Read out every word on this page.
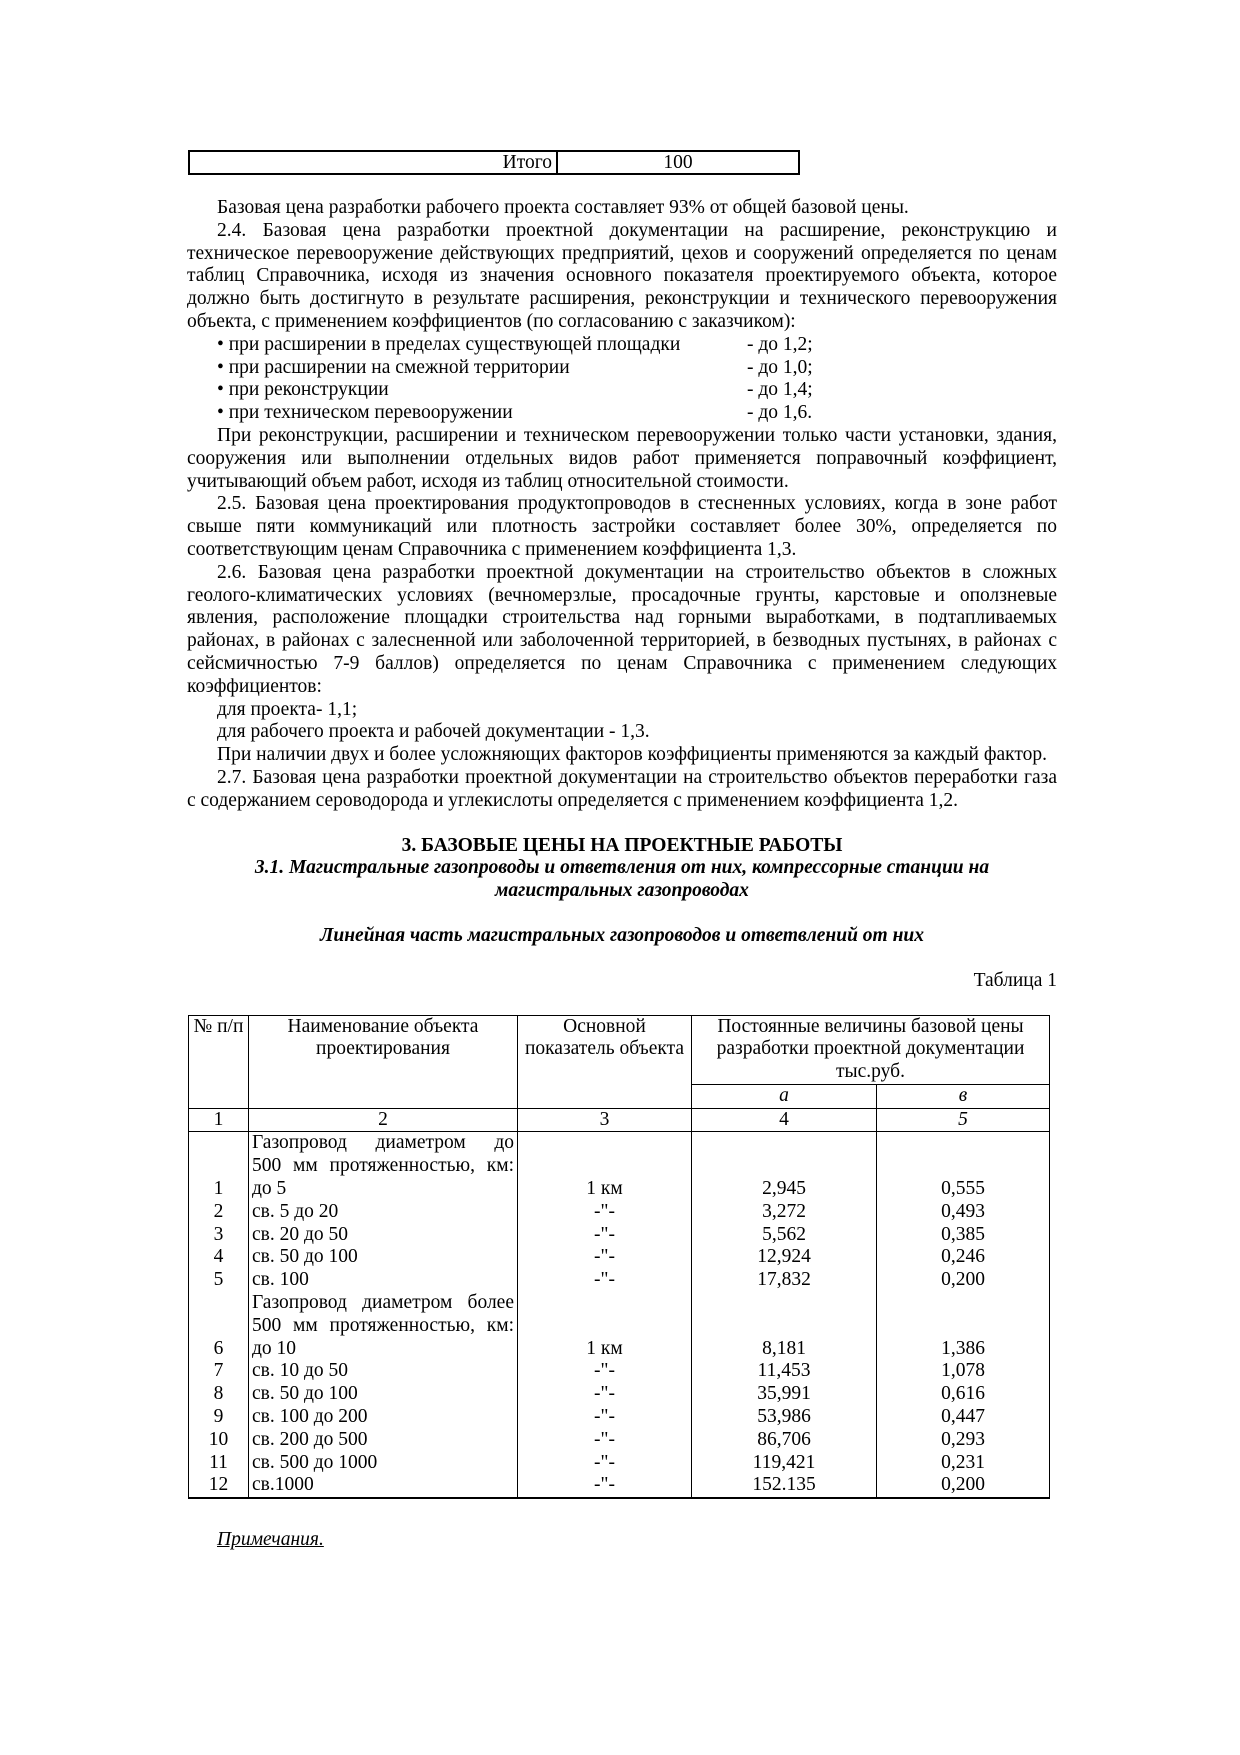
Итого	100

Базовая цена разработки рабочего проекта составляет 93% от общей базовой цены.

2.4. Базовая цена разработки проектной документации на расширение, реконструкцию и техническое перевооружение действующих предприятий, цехов и сооружений определяется по ценам таблиц Справочника, исходя из значения основного показателя проектируемого объекта, которое должно быть достигнуто в результате расширения, реконструкции и технического перевооружения объекта, с применением коэффициентов (по согласованию с заказчиком):

• при расширении в пределах существующей площадки	- до 1,2;
• при расширении на смежной территории	- до 1,0;
• при реконструкции	- до 1,4;
• при техническом перевооружении	- до 1,6.

При реконструкции, расширении и техническом перевооружении только части установки, здания, сооружения или выполнении отдельных видов работ применяется поправочный коэффициент, учитывающий объем работ, исходя из таблиц относительной стоимости.

2.5. Базовая цена проектирования продуктопроводов в стесненных условиях, когда в зоне работ свыше пяти коммуникаций или плотность застройки составляет более 30%, определяется по соответствующим ценам Справочника с применением коэффициента 1,3.

2.6. Базовая цена разработки проектной документации на строительство объектов в сложных геолого-климатических условиях (вечномерзлые, просадочные грунты, карстовые и оползневые явления, расположение площадки строительства над горными выработками, в подтапливаемых районах, в районах с залесненной или заболоченной территорией, в безводных пустынях, в районах с сейсмичностью 7-9 баллов) определяется по ценам Справочника с применением следующих коэффициентов:

для проекта- 1,1;
для рабочего проекта и рабочей документации - 1,3.

При наличии двух и более усложняющих факторов коэффициенты применяются за каждый фактор.

2.7. Базовая цена разработки проектной документации на строительство объектов переработки газа с содержанием сероводорода и углекислоты определяется с применением коэффициента 1,2.

3. БАЗОВЫЕ ЦЕНЫ НА ПРОЕКТНЫЕ РАБОТЫ
3.1. Магистральные газопроводы и ответвления от них, компрессорные станции на
магистральных газопроводах
Линейная часть магистральных газопроводов и ответвлений от них
Таблица 1
№ п/п	Наименование объекта проектирования	Основной показатель объекта	Постоянные величины базовой цены разработки проектной документации тыс.руб.	
			а	в
1	2	3	4	5
	Газопровод диаметром до			
	500 мм протяженностью, км:			
1	до 5	1 км	2,945	0,555
2	св. 5 до 20	-"-	3,272	0,493
3	св. 20 до 50	-"-	5,562	0,385
4	св. 50 до 100	-"-	12,924	0,246
5	св. 100	-"-	17,832	0,200
	Газопровод диаметром более			
	500 мм протяженностью, км:			
6	до 10	1 км	8,181	1,386
7	св. 10 до 50	-"-	11,453	1,078
8	св. 50 до 100	-"-	35,991	0,616
9	св. 100 до 200	-"-	53,986	0,447
10	св. 200 до 500	-"-	86,706	0,293
11	св. 500 до 1000	-"-	119,421	0,231
12	св.1000	-"-	152.135	0,200
Примечания.
